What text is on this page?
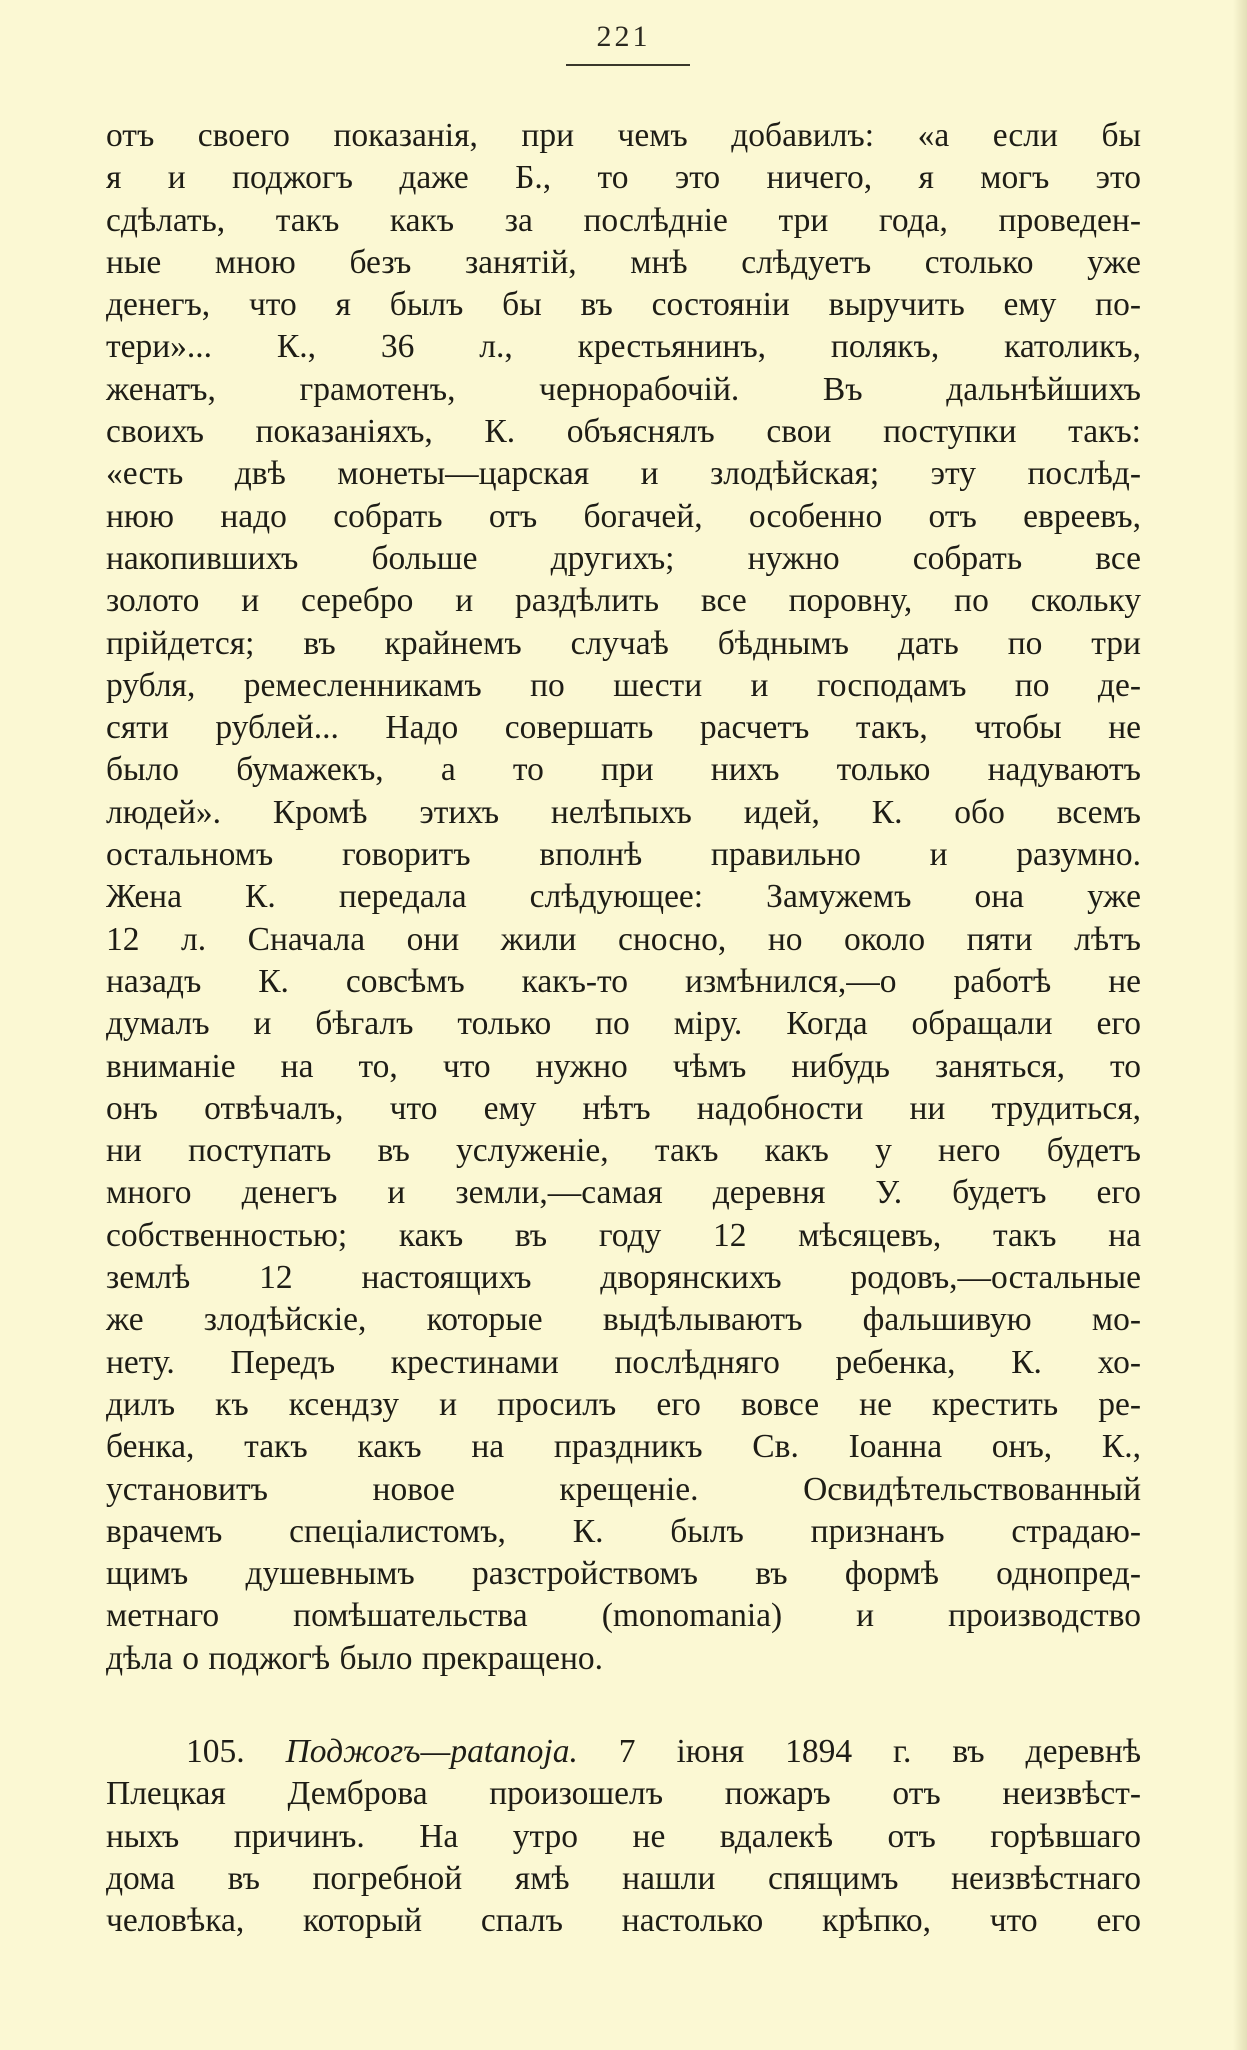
221
отъ своего показанія, при чемъ добавилъ: «а если бы
я и поджогъ даже Б., то это ничего, я могъ это
сдѣлать, такъ какъ за послѣдніе три года, проведен-
ные мною безъ занятій, мнѣ слѣдуетъ столько уже
денегъ, что я былъ бы въ состояніи выручить ему по-
тери»... К., 36 л., крестьянинъ, полякъ, католикъ,
женатъ, грамотенъ, чернорабочій. Въ дальнѣйшихъ
своихъ показаніяхъ, К. объяснялъ свои поступки такъ:
«есть двѣ монеты—царская и злодѣйская; эту послѣд-
нюю надо собрать отъ богачей, особенно отъ евреевъ,
накопившихъ больше другихъ; нужно собрать все
золото и серебро и раздѣлить все поровну, по скольку
прійдется; въ крайнемъ случаѣ бѣднымъ дать по три
рубля, ремесленникамъ по шести и господамъ по де-
сяти рублей... Надо совершать расчетъ такъ, чтобы не
было бумажекъ, а то при нихъ только надуваютъ
людей». Кромѣ этихъ нелѣпыхъ идей, К. обо всемъ
остальномъ говоритъ вполнѣ правильно и разумно.
Жена К. передала слѣдующее: Замужемъ она уже
12 л. Сначала они жили сносно, но около пяти лѣтъ
назадъ К. совсѣмъ какъ-то измѣнился,—о работѣ не
думалъ и бѣгалъ только по міру. Когда обращали его
вниманіе на то, что нужно чѣмъ нибудь заняться, то
онъ отвѣчалъ, что ему нѣтъ надобности ни трудиться,
ни поступать въ услуженіе, такъ какъ у него будетъ
много денегъ и земли,—самая деревня У. будетъ его
собственностью; какъ въ году 12 мѣсяцевъ, такъ на
землѣ 12 настоящихъ дворянскихъ родовъ,—остальные
же злодѣйскіе, которые выдѣлываютъ фальшивую мо-
нету. Передъ крестинами послѣдняго ребенка, К. хо-
дилъ къ ксендзу и просилъ его вовсе не крестить ре-
бенка, такъ какъ на праздникъ Св. Іоанна онъ, К.,
установитъ новое крещеніе. Освидѣтельствованный
врачемъ спеціалистомъ, К. былъ признанъ страдаю-
щимъ душевнымъ разстройствомъ въ формѣ однопред-
метнаго помѣшательства (monomania) и производство
дѣла о поджогѣ было прекращено.
105. Поджогъ—patanoja. 7 іюня 1894 г. въ деревнѣ
Плецкая Демброва произошелъ пожаръ отъ неизвѣст-
ныхъ причинъ. На утро не вдалекѣ отъ горѣвшаго
дома въ погребной ямѣ нашли спящимъ неизвѣстнаго
человѣка, который спалъ настолько крѣпко, что его
